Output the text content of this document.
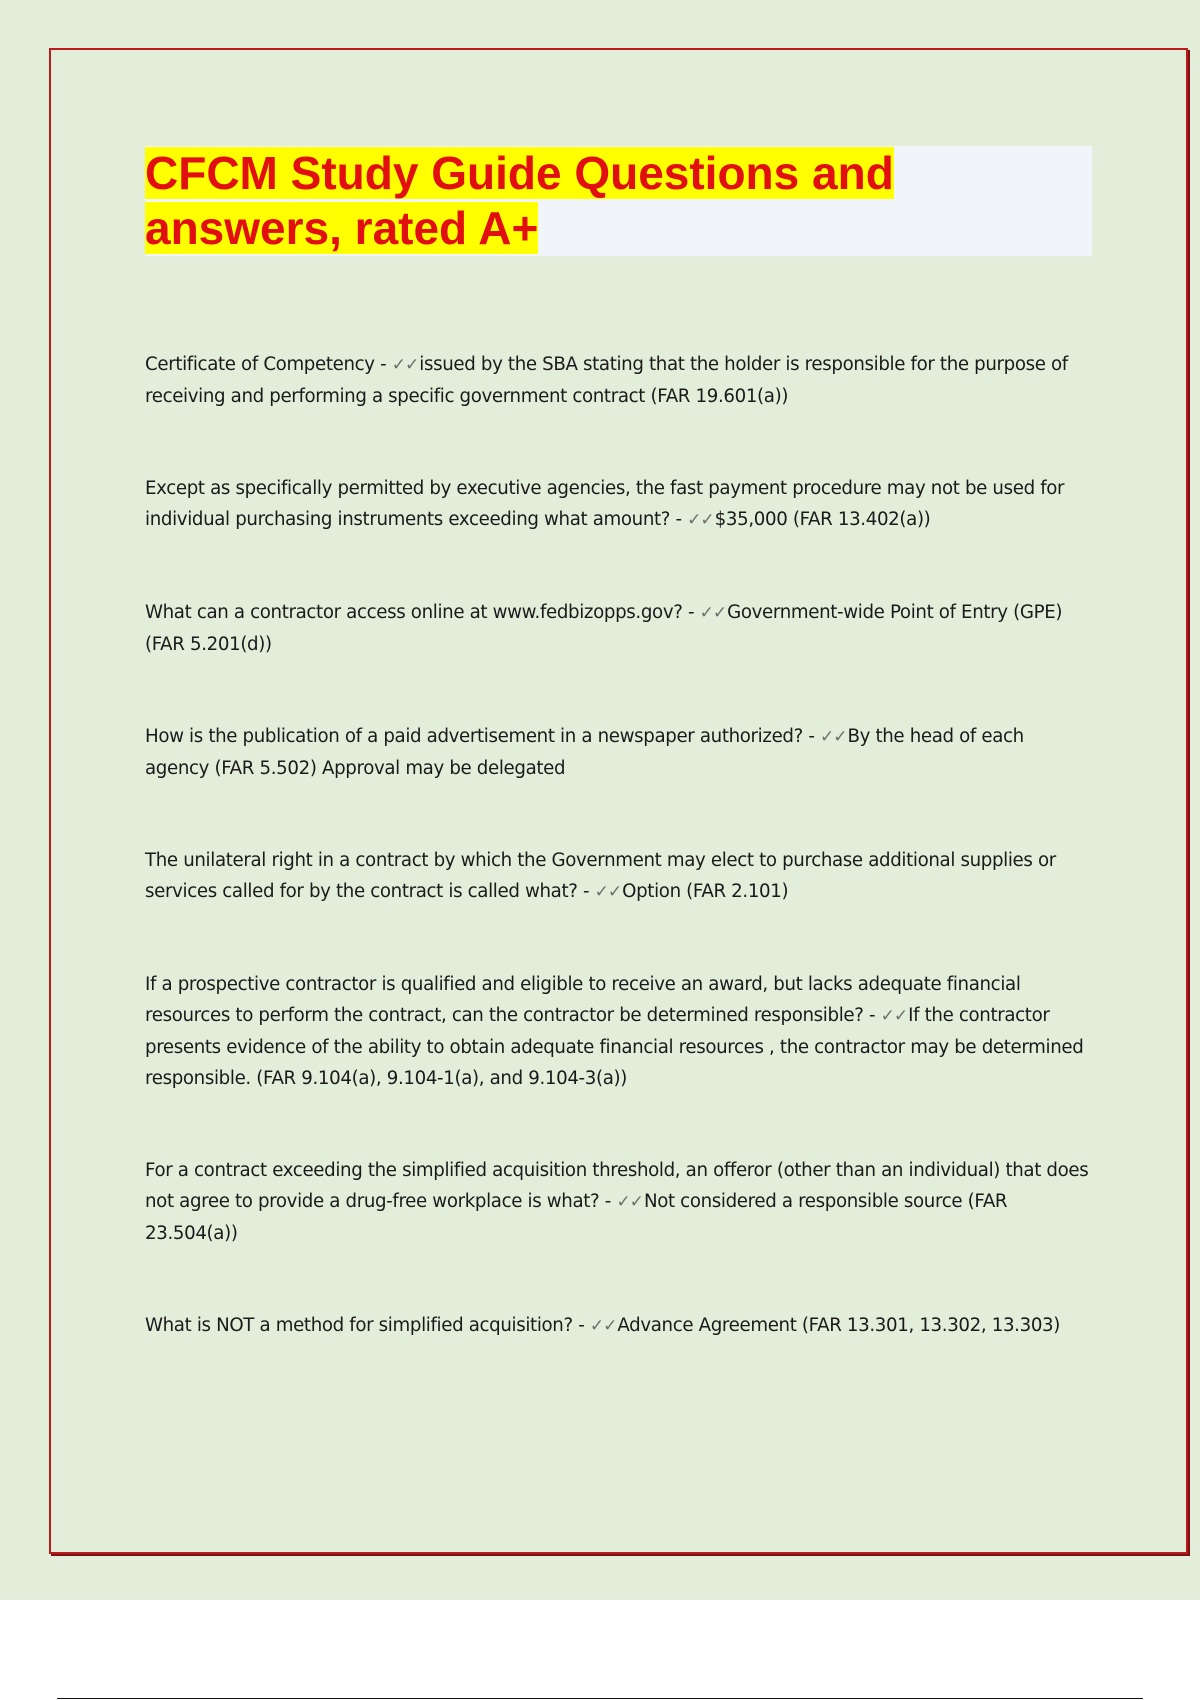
CFCM Study Guide Questions and
answers, rated A+
Certificate of Competency - ✓✓issued by the SBA stating that the holder is responsible for the purpose of receiving and performing a specific government contract (FAR 19.601(a))
Except as specifically permitted by executive agencies, the fast payment procedure may not be used for individual purchasing instruments exceeding what amount? - ✓✓$35,000 (FAR 13.402(a))
What can a contractor access online at www.fedbizopps.gov? - ✓✓Government-wide Point of Entry (GPE) (FAR 5.201(d))
How is the publication of a paid advertisement in a newspaper authorized? - ✓✓By the head of each agency (FAR 5.502) Approval may be delegated
The unilateral right in a contract by which the Government may elect to purchase additional supplies or services called for by the contract is called what? - ✓✓Option (FAR 2.101)
If a prospective contractor is qualified and eligible to receive an award, but lacks adequate financial resources to perform the contract, can the contractor be determined responsible? - ✓✓If the contractor presents evidence of the ability to obtain adequate financial resources , the contractor may be determined responsible. (FAR 9.104(a), 9.104-1(a), and 9.104-3(a))
For a contract exceeding the simplified acquisition threshold, an offeror (other than an individual) that does not agree to provide a drug-free workplace is what? - ✓✓Not considered a responsible source (FAR 23.504(a))
What is NOT a method for simplified acquisition? - ✓✓Advance Agreement (FAR 13.301, 13.302, 13.303)
